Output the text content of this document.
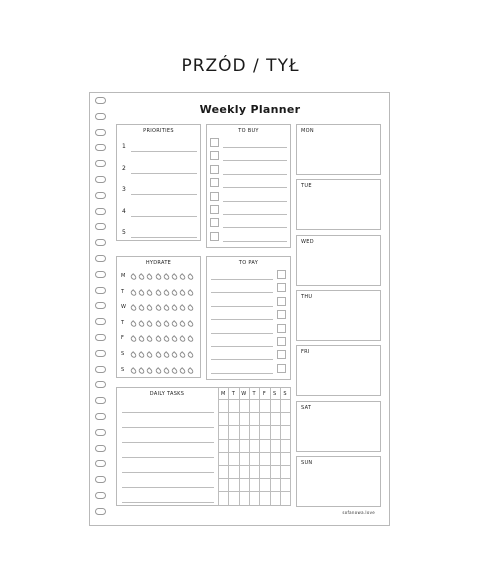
PRZÓD / TYŁ
Weekly Planner
PRIORITIES
1
2
3
4
5
TO BUY
HYDRATE
M
T
W
T
F
S
S
TO PAY
DAILY TASKS	M	T	W	T	F	S	S
MON
TUE
WED
THU
FRI
SAT
SUN
sofanowa.love
